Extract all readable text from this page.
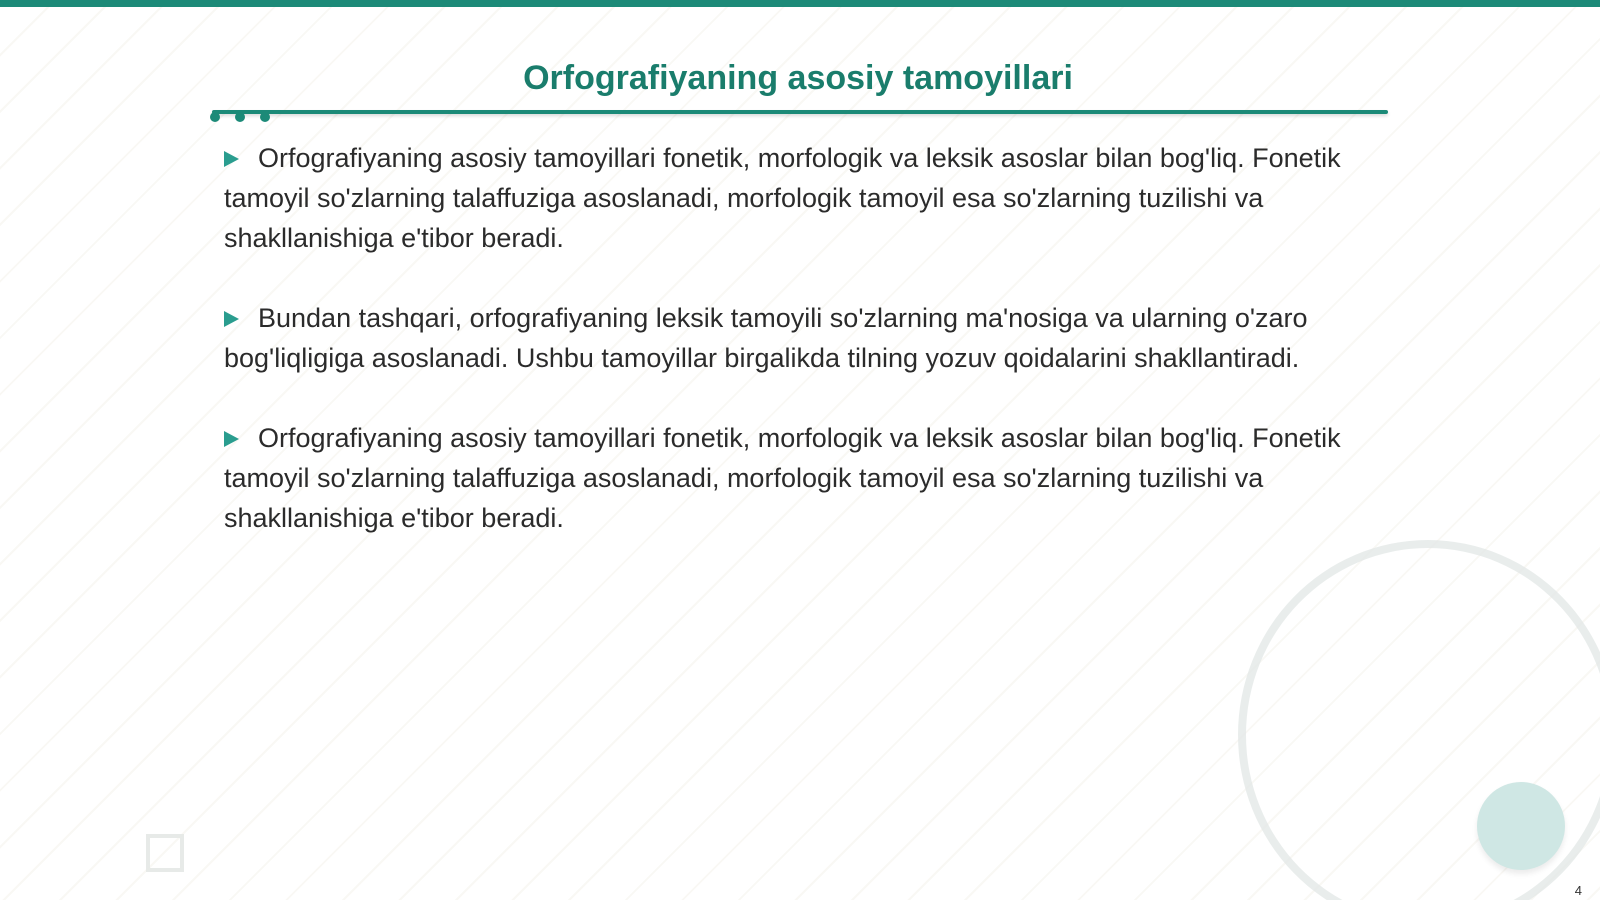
Orfografiyaning asosiy tamoyillari

Orfografiyaning asosiy tamoyillari fonetik, morfologik va leksik asoslar bilan bog'liq. Fonetik tamoyil so'zlarning talaffuziga asoslanadi, morfologik tamoyil esa so'zlarning tuzilishi va shakllanishiga e'tibor beradi.

Bundan tashqari, orfografiyaning leksik tamoyili so'zlarning ma'nosiga va ularning o'zaro bog'liqligiga asoslanadi. Ushbu tamoyillar birgalikda tilning yozuv qoidalarini shakllantiradi.

Orfografiyaning asosiy tamoyillari fonetik, morfologik va leksik asoslar bilan bog'liq. Fonetik tamoyil so'zlarning talaffuziga asoslanadi, morfologik tamoyil esa so'zlarning tuzilishi va shakllanishiga e'tibor beradi.

4
